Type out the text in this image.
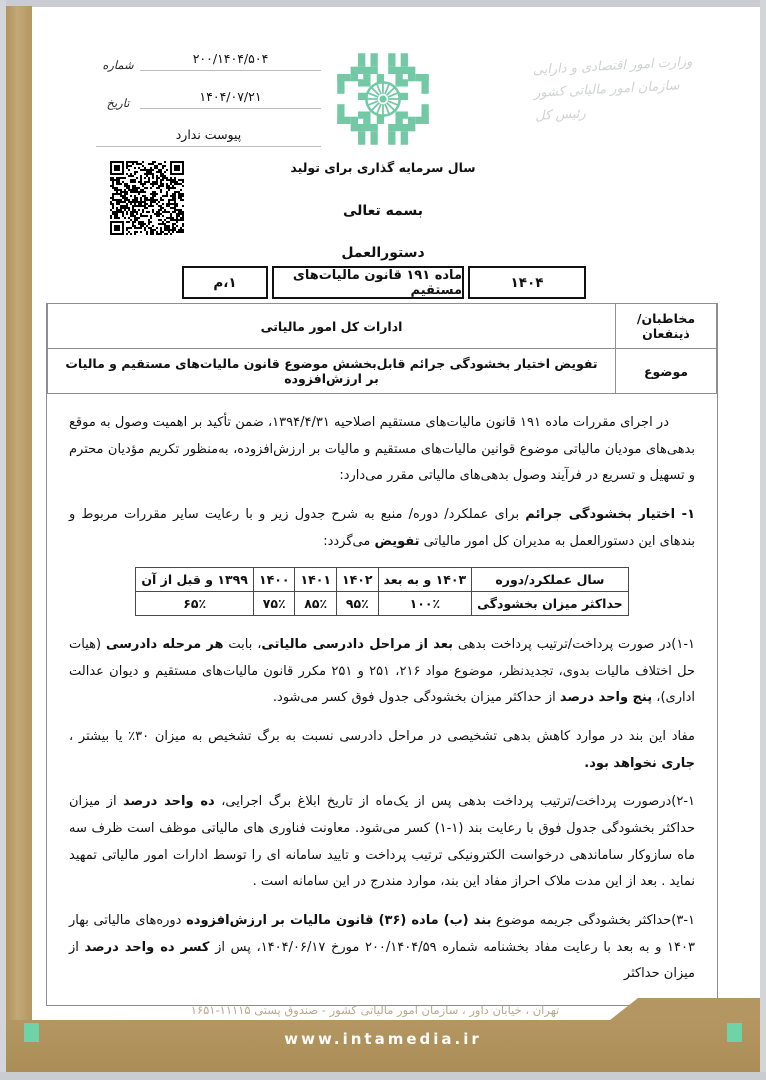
شماره	۲۰۰/۱۴۰۴/۵۰۴
تاریخ	۱۴۰۴/۰۷/۲۱
پیوست ندارد
وزارت امور اقتصادی و دارایی
سازمان امور مالیاتی کشور
رئیس کل
سال سرمایه گذاری برای تولید
بسمه تعالی
دستورالعمل
۱۴۰۴
ماده ۱۹۱ قانون مالیات‌های مستقیم
۱،م
مخاطبان/ ذینفعان	ادارات کل امور مالیاتی
موضوع	تفویض اختیار بخشودگی جرائم قابل‌بخشش موضوع قانون مالیات‌های مستقیم و مالیات بر ارزش‌افزوده

در اجرای مقررات ماده ۱۹۱ قانون مالیات‌های مستقیم اصلاحیه ۱۳۹۴/۴/۳۱، ضمن تأکید بر اهمیت وصول به موقع بدهی‌های مودیان مالیاتی موضوع قوانین مالیات‌های مستقیم و مالیات بر ارزش‌افزوده، به‌منظور تکریم مؤدیان محترم و تسهیل و تسریع در فرآیند وصول بدهی‌های مالیاتی مقرر می‌دارد:

۱- اختیار بخشودگی جرائم برای عملکرد/ دوره/ منبع به شرح جدول زیر و با رعایت سایر مقررات مربوط و بندهای این دستورالعمل به مدیران کل امور مالیاتی تفویض می‌گردد:

سال عملکرد/دوره	۱۴۰۳ و به بعد	۱۴۰۲	۱۴۰۱	۱۴۰۰	۱۳۹۹ و قبل از آن
حداکثر میزان بخشودگی	۱۰۰٪	۹۵٪	۸۵٪	۷۵٪	۶۵٪

۱-۱)در صورت پرداخت/ترتیب پرداخت بدهی بعد از مراحل دادرسی مالیاتی، بابت هر مرحله دادرسی (هیات حل اختلاف مالیات بدوی، تجدیدنظر، موضوع مواد ۲۱۶، ۲۵۱ و ۲۵۱ مکرر قانون مالیات‌های مستقیم و دیوان عدالت اداری)، پنج واحد درصد از حداکثر میزان بخشودگی جدول فوق کسر می‌شود.

مفاد این بند در موارد کاهش بدهی تشخیصی در مراحل دادرسی نسبت به برگ تشخیص به میزان ۳۰٪ یا بیشتر ، جاری نخواهد بود.

۲-۱)درصورت پرداخت/ترتیب پرداخت بدهی پس از یک‌ماه از تاریخ ابلاغ برگ اجرایی، ده واحد درصد از میزان حداکثر بخشودگی جدول فوق با رعایت بند (۱-۱) کسر می‌شود. معاونت فناوری های مالیاتی موظف است ظرف سه ماه سازوکار ساماندهی درخواست الکترونیکی ترتیب پرداخت و تایید سامانه ای را توسط ادارات امور مالیاتی تمهید نماید . بعد از این مدت ملاک احراز مفاد این بند، موارد مندرج در این سامانه است .

۳-۱)حداکثر بخشودگی جریمه موضوع بند (ب) ماده (۳۶) قانون مالیات بر ارزش‌افزوده دوره‌های مالیاتی بهار ۱۴۰۳ و به بعد با رعایت مفاد بخشنامه شماره ۲۰۰/۱۴۰۴/۵۹ مورخ ۱۴۰۴/۰۶/۱۷، پس از کسر ده واحد درصد از میزان حداکثر

تهران ، خیابان داور ، سازمان امور مالیاتی کشور - صندوق پستی ۱۱۱۱۵-۱۶۵۱
www.intamedia.ir
